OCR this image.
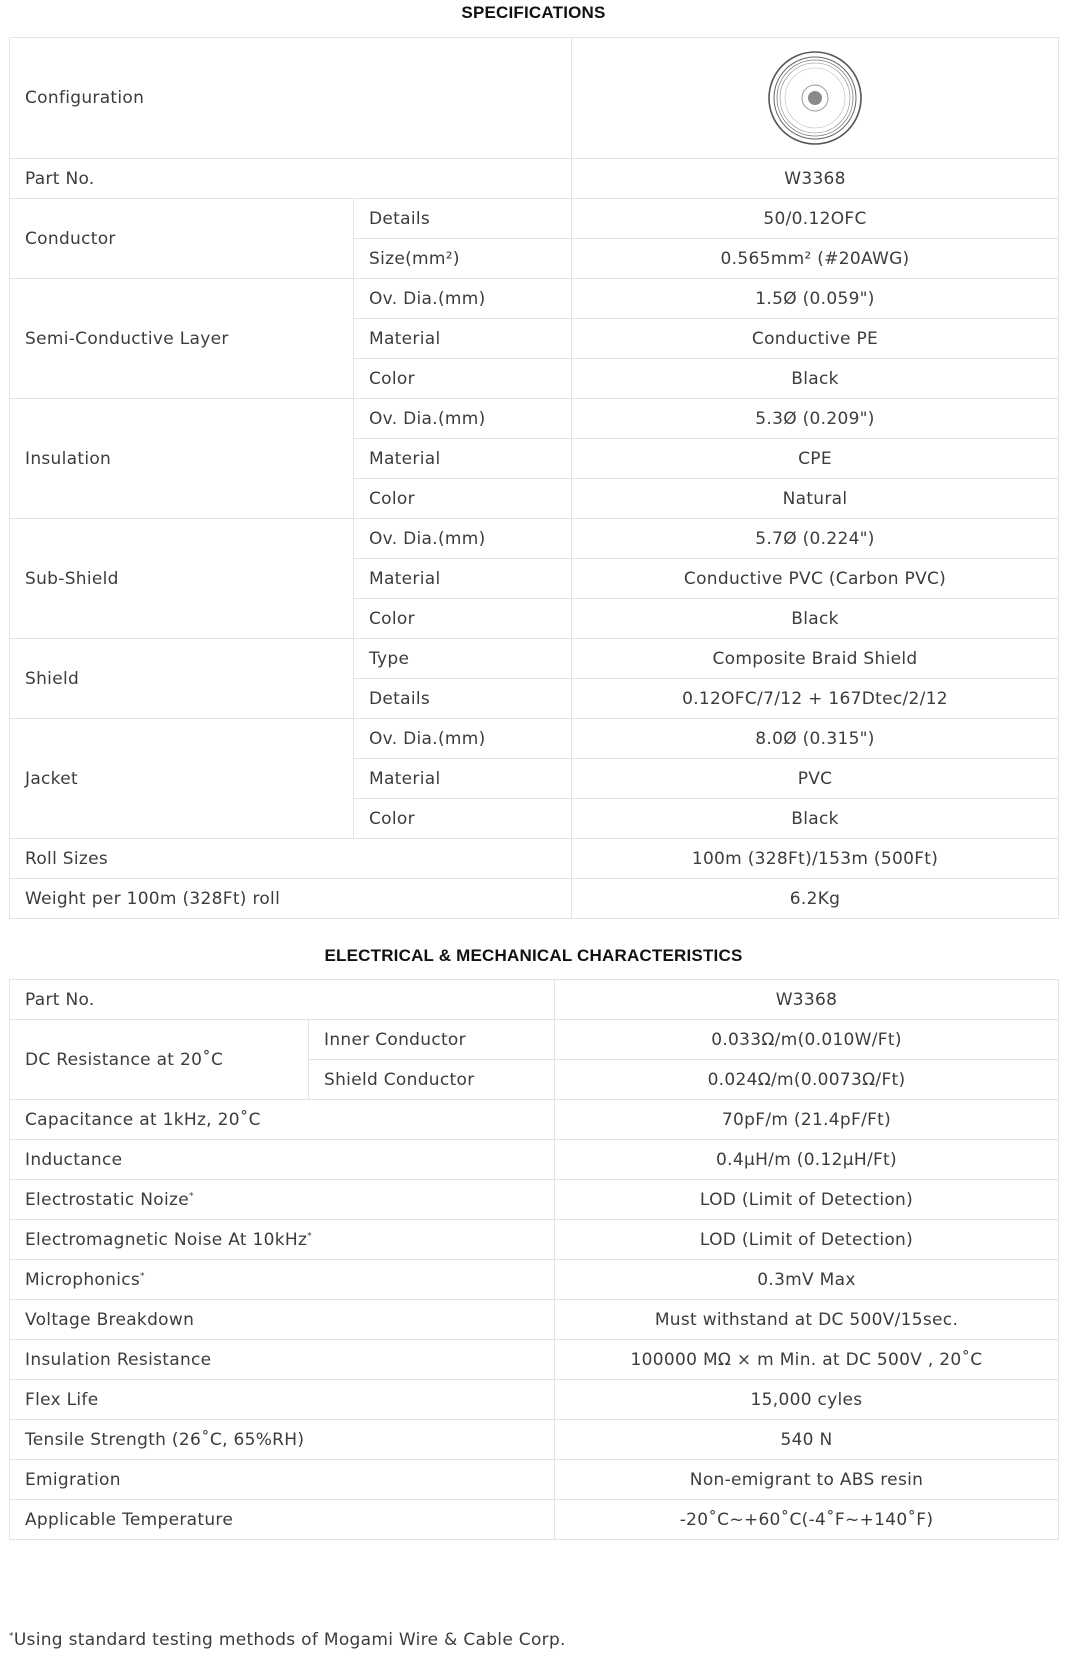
SPECIFICATIONS
Configuration	

Part No.		W3368
Conductor	Details	50/0.12OFC
	Size(mm²)	0.565mm² (#20AWG)
Semi-Conductive Layer	Ov. Dia.(mm)	1.5Ø (0.059")
	Material	Conductive PE
	Color	Black
Insulation	Ov. Dia.(mm)	5.3Ø (0.209")
	Material	CPE
	Color	Natural
Sub-Shield	Ov. Dia.(mm)	5.7Ø (0.224")
	Material	Conductive PVC (Carbon PVC)
	Color	Black
Shield	Type	Composite Braid Shield
	Details	0.12OFC/7/12 + 167Dtec/2/12
Jacket	Ov. Dia.(mm)	8.0Ø (0.315")
	Material	PVC
	Color	Black
Roll Sizes		100m (328Ft)/153m (500Ft)
Weight per 100m (328Ft) roll		6.2Kg
ELECTRICAL & MECHANICAL CHARACTERISTICS
Part No.		W3368
DC Resistance at 20˚C	Inner Conductor	0.033Ω/m(0.010W/Ft)
	Shield Conductor	0.024Ω/m(0.0073Ω/Ft)
Capacitance at 1kHz, 20˚C		70pF/m (21.4pF/Ft)
Inductance		0.4μH/m (0.12μH/Ft)
Electrostatic Noize*		LOD (Limit of Detection)
Electromagnetic Noise At 10kHz*		LOD (Limit of Detection)
Microphonics*		0.3mV Max
Voltage Breakdown		Must withstand at DC 500V/15sec.
Insulation Resistance		100000 MΩ × m Min. at DC 500V , 20˚C
Flex Life		15,000 cyles
Tensile Strength (26˚C, 65%RH)		540 N
Emigration		Non-emigrant to ABS resin
Applicable Temperature		-20˚C~+60˚C(-4˚F~+140˚F)
*Using standard testing methods of Mogami Wire & Cable Corp.
